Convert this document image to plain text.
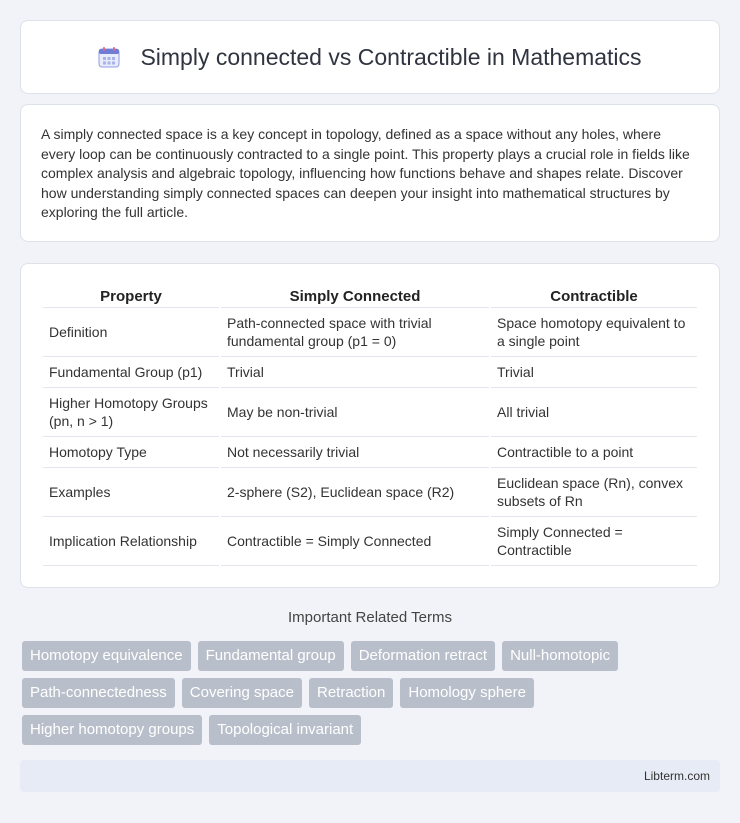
Simply connected vs Contractible in Mathematics

A simply connected space is a key concept in topology, defined as a space without any holes, where every loop can be continuously contracted to a single point. This property plays a crucial role in fields like complex analysis and algebraic topology, influencing how functions behave and shapes relate. Discover how understanding simply connected spaces can deepen your insight into mathematical structures by exploring the full article.

Property	Simply Connected	Contractible
Definition	Path-connected space with trivial fundamental group (p1 = 0)	Space homotopy equivalent to a single point
Fundamental Group (p1)	Trivial	Trivial
Higher Homotopy Groups (pn, n > 1)	May be non-trivial	All trivial
Homotopy Type	Not necessarily trivial	Contractible to a point
Examples	2-sphere (S2), Euclidean space (R2)	Euclidean space (Rn), convex subsets of Rn
Implication Relationship	Contractible = Simply Connected	Simply Connected = Contractible
Important Related Terms
Homotopy equivalence	Fundamental group	Deformation retract	Null-homotopic
Path-connectedness	Covering space	Retraction	Homology sphere
Higher homotopy groups	Topological invariant
Libterm.com
